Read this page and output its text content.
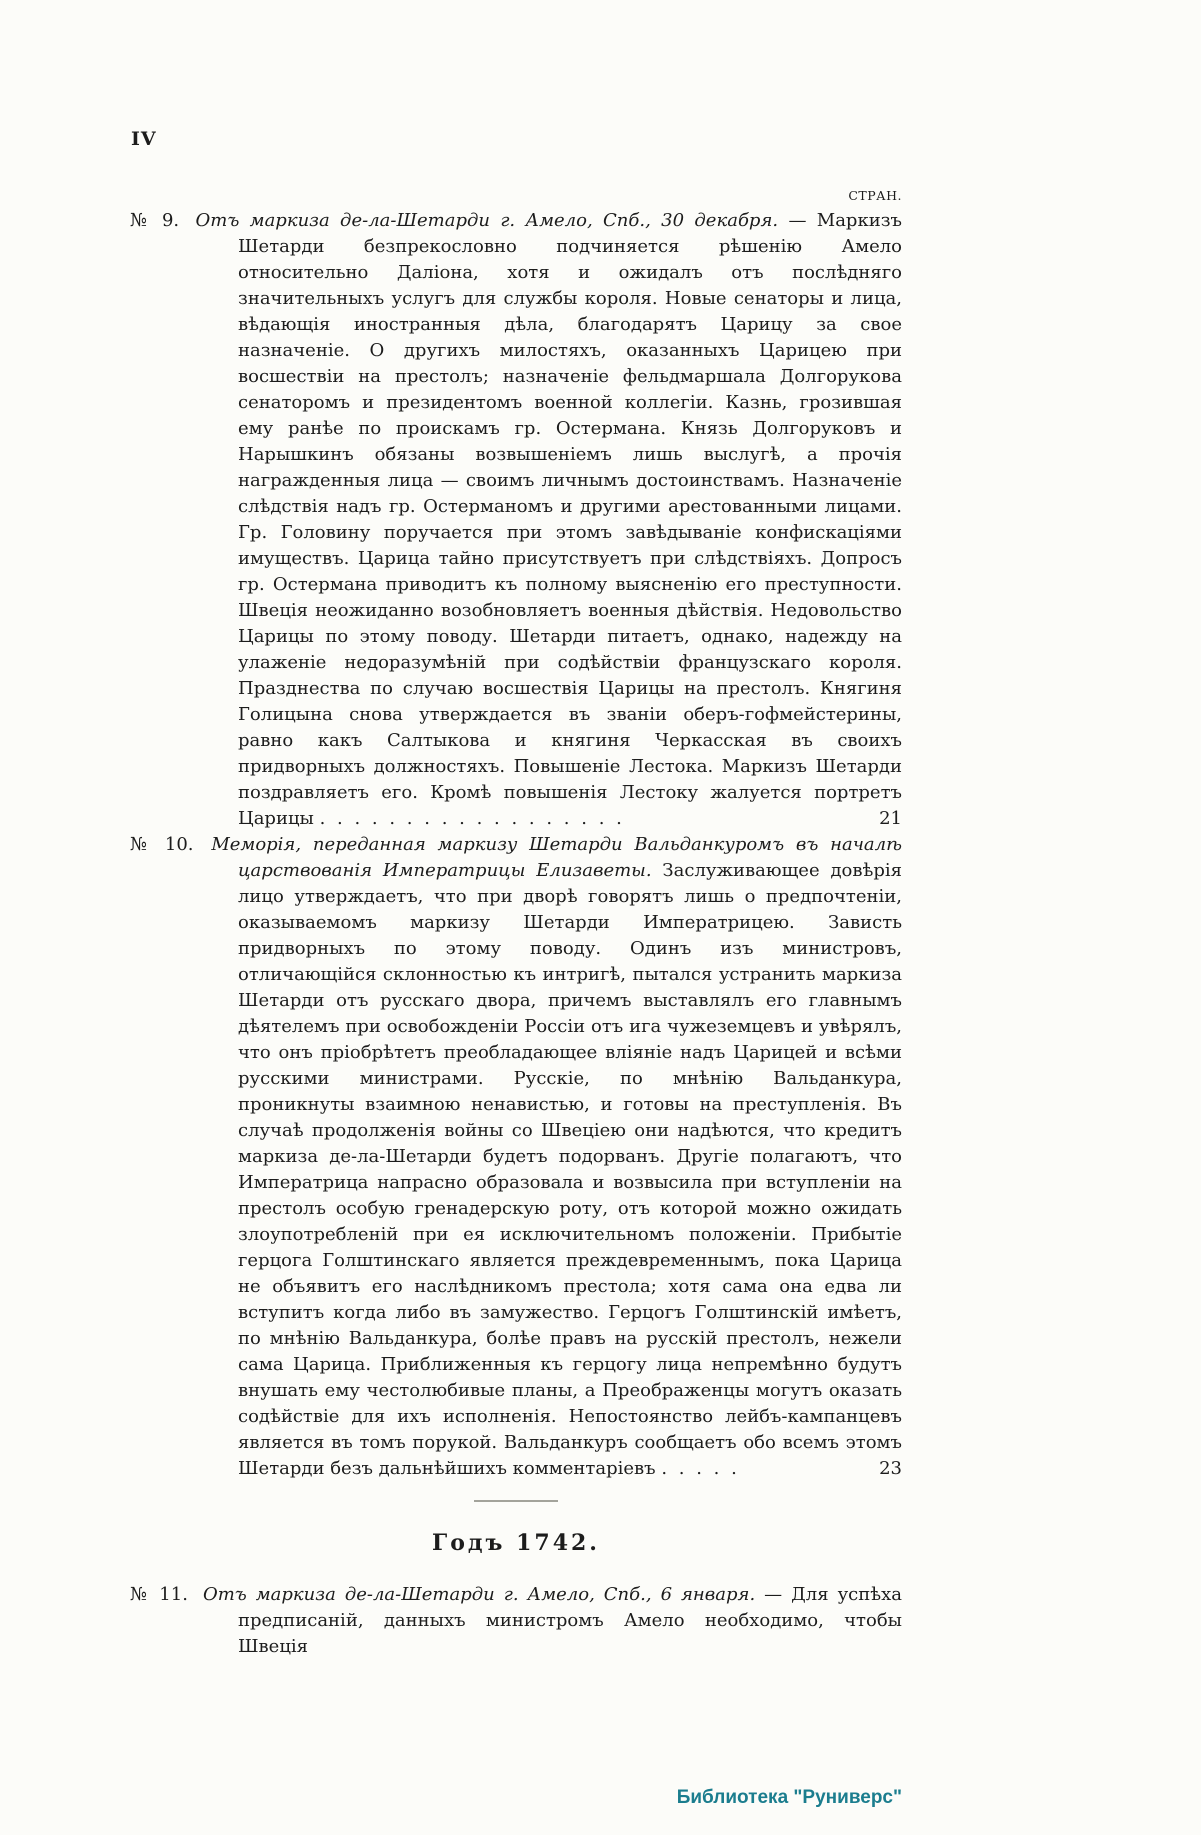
IV
СТРАН.

№ 9. Отъ маркиза де-ла-Шетарди г. Амело, Спб., 30 декабря. — Маркизъ Шетарди безпрекословно подчиняется рѣшенію Амело относительно Даліона, хотя и ожидалъ отъ послѣдняго значительныхъ услугъ для службы короля. Новые сенаторы и лица, вѣдающія иностранныя дѣла, благодарятъ Царицу за свое назначеніе. О другихъ милостяхъ, оказанныхъ Царицею при восшествіи на престолъ; назначеніе фельдмаршала Долгорукова сенаторомъ и президентомъ военной коллегіи. Казнь, грозившая ему ранѣе по проискамъ гр. Остермана. Князь Долгоруковъ и Нарышкинъ обязаны возвышеніемъ лишь выслугѣ, а прочія награжденныя лица — своимъ личнымъ достоинствамъ. Назначеніе слѣдствія надъ гр. Остерманомъ и другими арестованными лицами. Гр. Головину поручается при этомъ завѣдываніе конфискаціями имуществъ. Царица тайно присутствуетъ при слѣдствіяхъ. Допросъ гр. Остермана приводитъ къ полному выясненію его преступности. Швеція неожиданно возобновляетъ военныя дѣйствія. Недовольство Царицы по этому поводу. Шетарди питаетъ, однако, надежду на улаженіе недоразумѣній при содѣйствіи французскаго короля. Празднества по случаю восшествія Царицы на престолъ. Княгиня Голицына снова утверждается въ званіи оберъ-гофмейстерины, равно какъ Салтыкова и княгиня Черкасская въ своихъ придворныхъ должностяхъ. Повышеніе Лестока. Маркизъ Шетарди поздравляетъ его. Кромѣ повышенія Лестоку жалуется портретъ Царицы . . . . . . . . . . . . . . . . . .	21

№ 10. Меморія, переданная маркизу Шетарди Вальданкуромъ въ началѣ царствованія Императрицы Елизаветы. Заслуживающее довѣрія лицо утверждаетъ, что при дворѣ говорятъ лишь о предпочтеніи, оказываемомъ маркизу Шетарди Императрицею. Зависть придворныхъ по этому поводу. Одинъ изъ министровъ, отличающійся склонностью къ интригѣ, пытался устранить маркиза Шетарди отъ русскаго двора, причемъ выставлялъ его главнымъ дѣятелемъ при освобожденіи Россіи отъ ига чужеземцевъ и увѣрялъ, что онъ пріобрѣтетъ преобладающее вліяніе надъ Царицей и всѣми русскими министрами. Русскіе, по мнѣнію Вальданкура, проникнуты взаимною ненавистью, и готовы на преступленія. Въ случаѣ продолженія войны со Швеціею они надѣются, что кредитъ маркиза де-ла-Шетарди будетъ подорванъ. Другіе полагаютъ, что Императрица напрасно образовала и возвысила при вступленіи на престолъ особую гренадерскую роту, отъ которой можно ожидать злоупотребленій при ея исключительномъ положеніи. Прибытіе герцога Голштинскаго является преждевременнымъ, пока Царица не объявитъ его наслѣдникомъ престола; хотя сама она едва ли вступитъ когда либо въ замужество. Герцогъ Голштинскій имѣетъ, по мнѣнію Вальданкура, болѣе правъ на русскій престолъ, нежели сама Царица. Приближенныя къ герцогу лица непремѣнно будутъ внушать ему честолюбивые планы, а Преображенцы могутъ оказать содѣйствіе для ихъ исполненія. Непостоянство лейбъ-кампанцевъ является въ томъ порукой. Вальданкуръ сообщаетъ обо всемъ этомъ Шетарди безъ дальнѣйшихъ комментаріевъ . . . . .	23

Годъ 1742.

№ 11. Отъ маркиза де-ла-Шетарди г. Амело, Спб., 6 января. — Для успѣха предписаній, данныхъ министромъ Амело необходимо, чтобы Швеція

Библиотека "Руниверс"
